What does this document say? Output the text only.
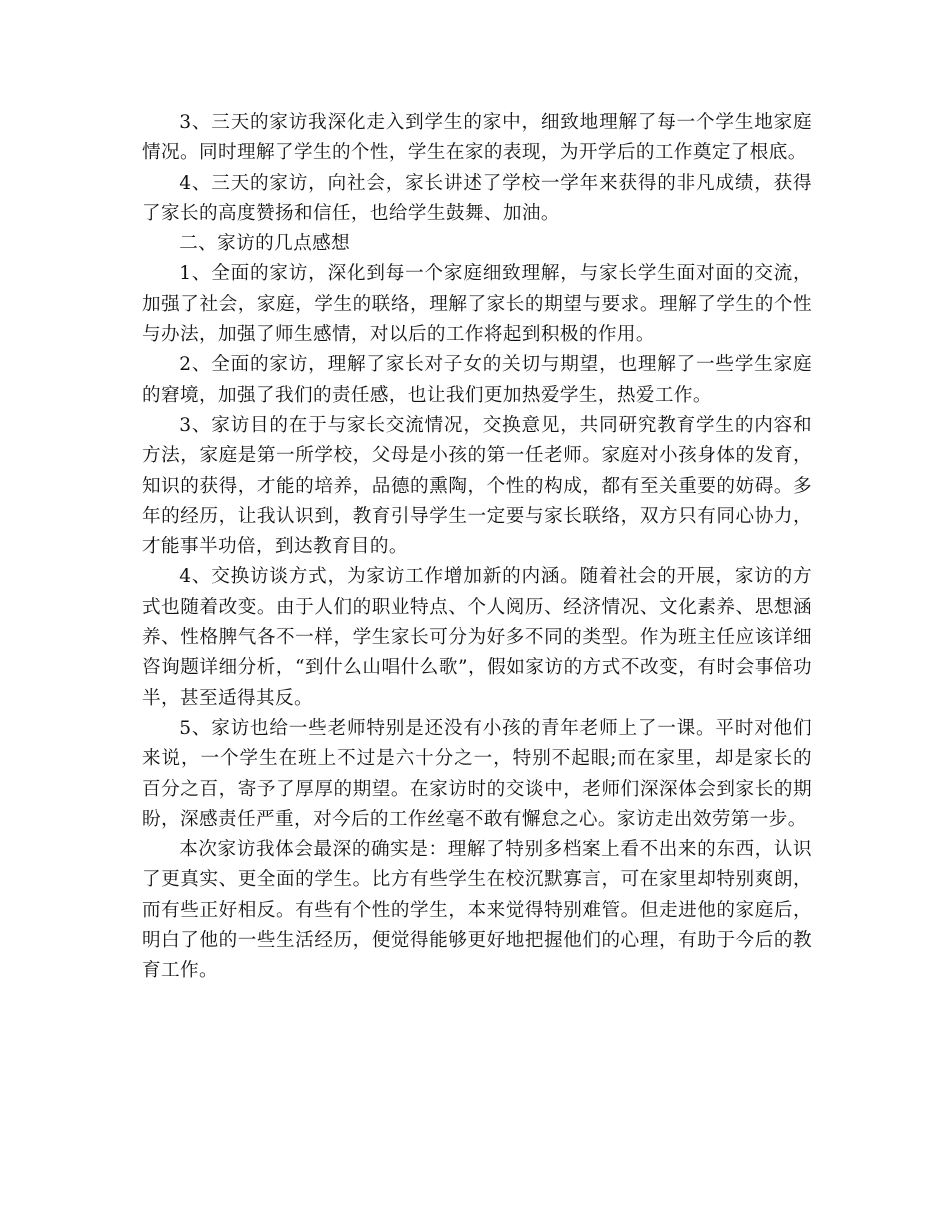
3、三天的家访我深化走入到学生的家中，细致地理解了每一个学生地家庭情况。同时理解了学生的个性，学生在家的表现，为开学后的工作奠定了根底。

4、三天的家访，向社会，家长讲述了学校一学年来获得的非凡成绩，获得了家长的高度赞扬和信任，也给学生鼓舞、加油。

二、家访的几点感想

1、全面的家访，深化到每一个家庭细致理解，与家长学生面对面的交流，加强了社会，家庭，学生的联络，理解了家长的期望与要求。理解了学生的个性与办法，加强了师生感情，对以后的工作将起到积极的作用。

2、全面的家访，理解了家长对子女的关切与期望，也理解了一些学生家庭的窘境，加强了我们的责任感，也让我们更加热爱学生，热爱工作。

3、家访目的在于与家长交流情况，交换意见，共同研究教育学生的内容和方法，家庭是第一所学校，父母是小孩的第一任老师。家庭对小孩身体的发育，知识的获得，才能的培养，品德的熏陶，个性的构成，都有至关重要的妨碍。多年的经历，让我认识到，教育引导学生一定要与家长联络，双方只有同心协力，才能事半功倍，到达教育目的。

4、交换访谈方式，为家访工作增加新的内涵。随着社会的开展，家访的方式也随着改变。由于人们的职业特点、个人阅历、经济情况、文化素养、思想涵养、性格脾气各不一样，学生家长可分为好多不同的类型。作为班主任应该详细咨询题详细分析，“到什么山唱什么歌”，假如家访的方式不改变，有时会事倍功半，甚至适得其反。

5、家访也给一些老师特别是还没有小孩的青年老师上了一课。平时对他们来说，一个学生在班上不过是六十分之一，特别不起眼;而在家里，却是家长的百分之百，寄予了厚厚的期望。在家访时的交谈中，老师们深深体会到家长的期盼，深感责任严重，对今后的工作丝毫不敢有懈怠之心。家访走出效劳第一步。

本次家访我体会最深的确实是：理解了特别多档案上看不出来的东西，认识了更真实、更全面的学生。比方有些学生在校沉默寡言，可在家里却特别爽朗，而有些正好相反。有些有个性的学生，本来觉得特别难管。但走进他的家庭后，明白了他的一些生活经历，便觉得能够更好地把握他们的心理，有助于今后的教育工作。
